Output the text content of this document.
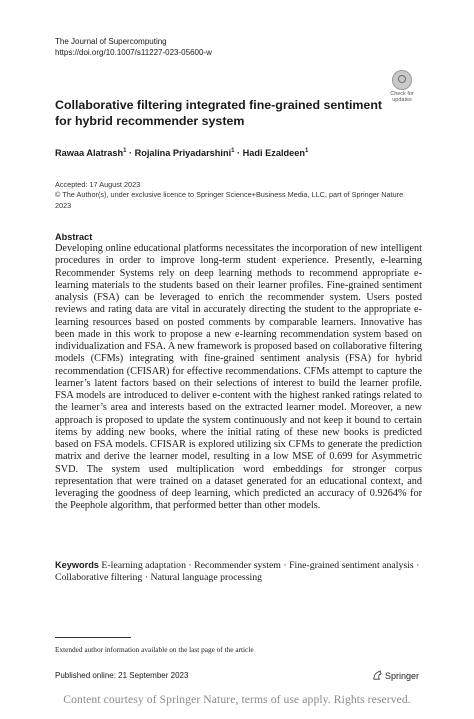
The Journal of Supercomputing
https://doi.org/10.1007/s11227-023-05600-w
Check for
updates
Collaborative filtering integrated fine-grained sentiment
for hybrid recommender system
Rawaa Alatrash$^1$ · Rojalina Priyadarshini$^1$ · Hadi Ezaldeen$^1$
Accepted: 17 August 2023
© The Author(s), under exclusive licence to Springer Science+Business Media, LLC, part of Springer Nature
2023
Abstract
Developing online educational platforms necessitates the incorporation of new intelligent procedures in order to improve long-term student experience. Presently, e-learning Recommender Systems rely on deep learning methods to recommend appropriate e-learning materials to the students based on their learner profiles. Fine-grained sentiment analysis (FSA) can be leveraged to enrich the recommender system. Users posted reviews and rating data are vital in accurately directing the student to the appropriate e-learning resources based on posted comments by comparable learners. Innovative has been made in this work to propose a new e-learning recommendation system based on individualization and FSA. A new framework is proposed based on collaborative filtering models (CFMs) integrating with fine-grained sentiment analysis (FSA) for hybrid recommendation (CFISAR) for effective recommendations. CFMs attempt to capture the learner’s latent factors based on their selections of interest to build the learner profile. FSA models are introduced to deliver e-content with the highest ranked ratings related to the learner’s area and interests based on the extracted learner model. Moreover, a new approach is proposed to update the system continuously and not keep it bound to certain items by adding new books, where the initial rating of these new books is predicted based on FSA models. CFISAR is explored utilizing six CFMs to generate the prediction matrix and derive the learner model, resulting in a low MSE of 0.699 for Asymmetric SVD. The system used multiplication word embeddings for stronger corpus representation that were trained on a dataset generated for an educational context, and leveraging the goodness of deep learning, which predicted an accuracy of 0.9264% for the Peephole algorithm, that performed better than other models.
Keywords E-learning adaptation · Recommender system · Fine-grained sentiment analysis · Collaborative filtering · Natural language processing
Extended author information available on the last page of the article
Published online: 21 September 2023	Springer
Content courtesy of Springer Nature, terms of use apply. Rights reserved.
